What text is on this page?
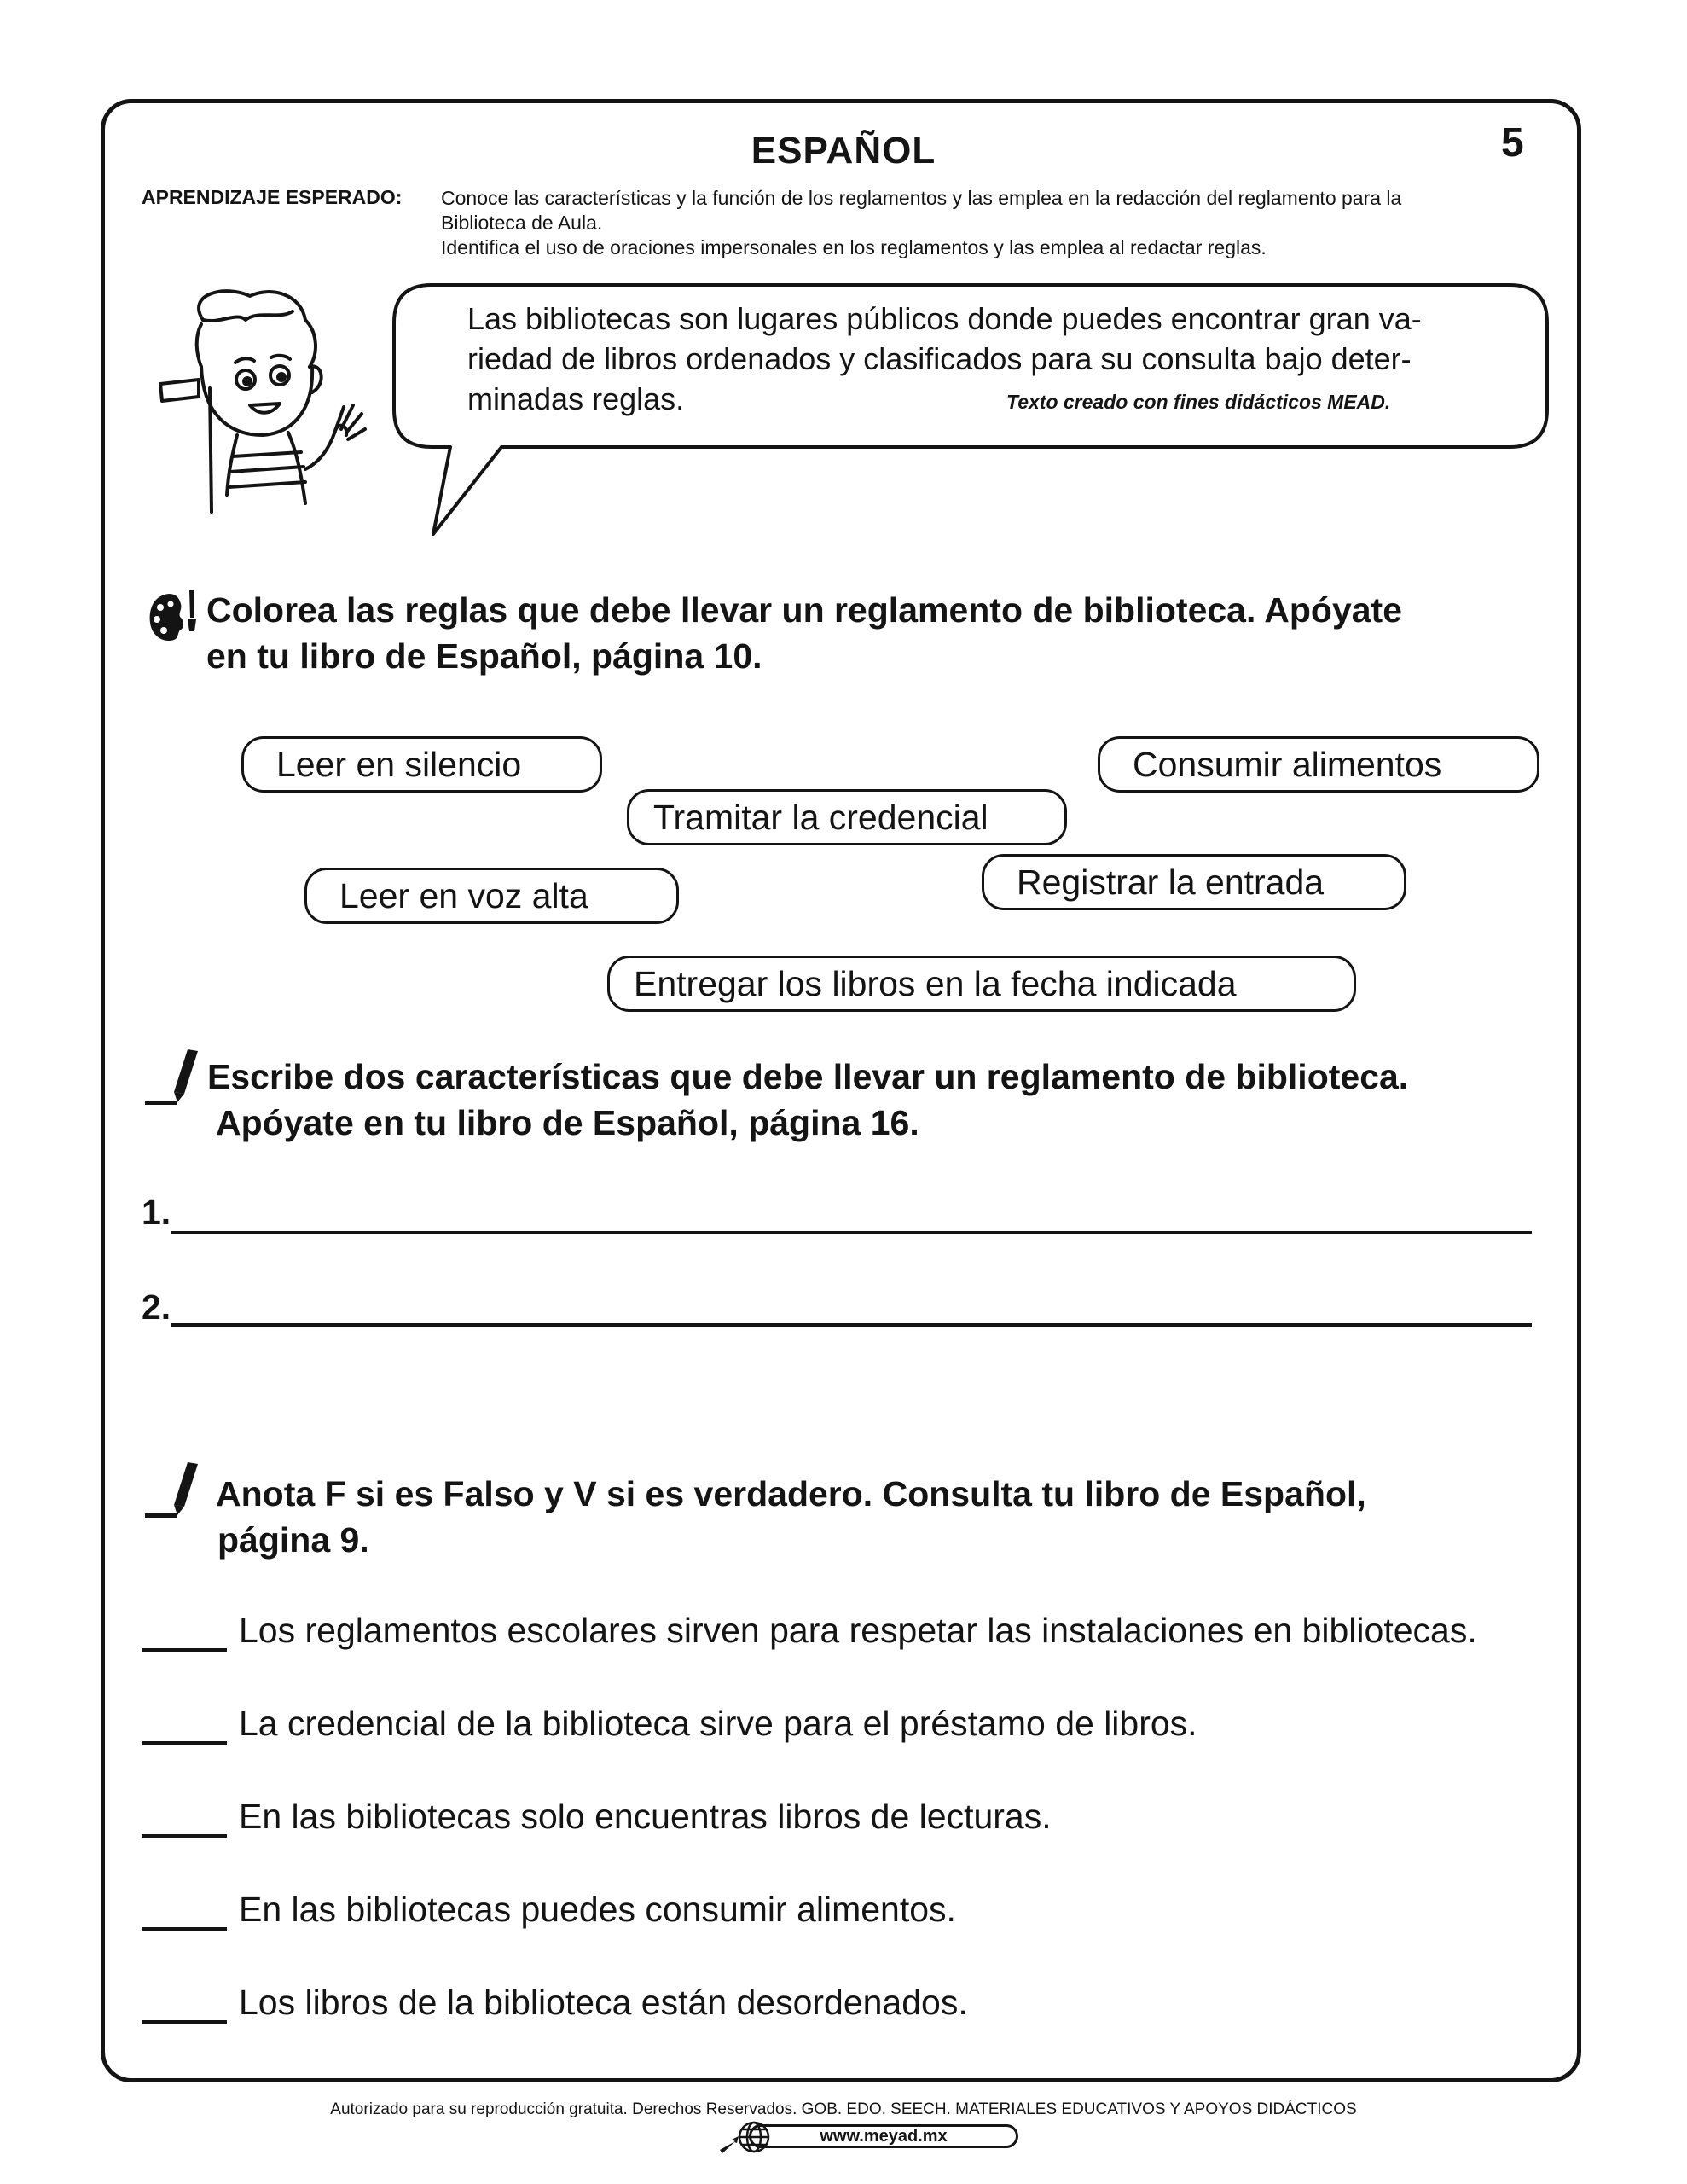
ESPAÑOL	5
APRENDIZAJE ESPERADO: Conoce las características y la función de los reglamentos y las emplea en la redacción del reglamento para la
Biblioteca de Aula.
Identifica el uso de oraciones impersonales en los reglamentos y las emplea al redactar reglas.
Las bibliotecas son lugares públicos donde puedes encontrar gran va-
riedad de libros ordenados y clasificados para su consulta bajo deter-
minadas reglas.	Texto creado con fines didácticos MEAD.
Colorea las reglas que debe llevar un reglamento de biblioteca. Apóyate
en tu libro de Español, página 10.
Leer en silencio	Consumir alimentos
Tramitar la credencial
Leer en voz alta	Registrar la entrada
Entregar los libros en la fecha indicada
Escribe dos características que debe llevar un reglamento de biblioteca.
Apóyate en tu libro de Español, página 16.
1.
2.
Anota F si es Falso y V si es verdadero. Consulta tu libro de Español,
página 9.
Los reglamentos escolares sirven para respetar las instalaciones en bibliotecas.
La credencial de la biblioteca sirve para el préstamo de libros.
En las bibliotecas solo encuentras libros de lecturas.
En las bibliotecas puedes consumir alimentos.
Los libros de la biblioteca están desordenados.
Autorizado para su reproducción gratuita. Derechos Reservados. GOB. EDO. SEECH. MATERIALES EDUCATIVOS Y APOYOS DIDÁCTICOS
www.meyad.mx
